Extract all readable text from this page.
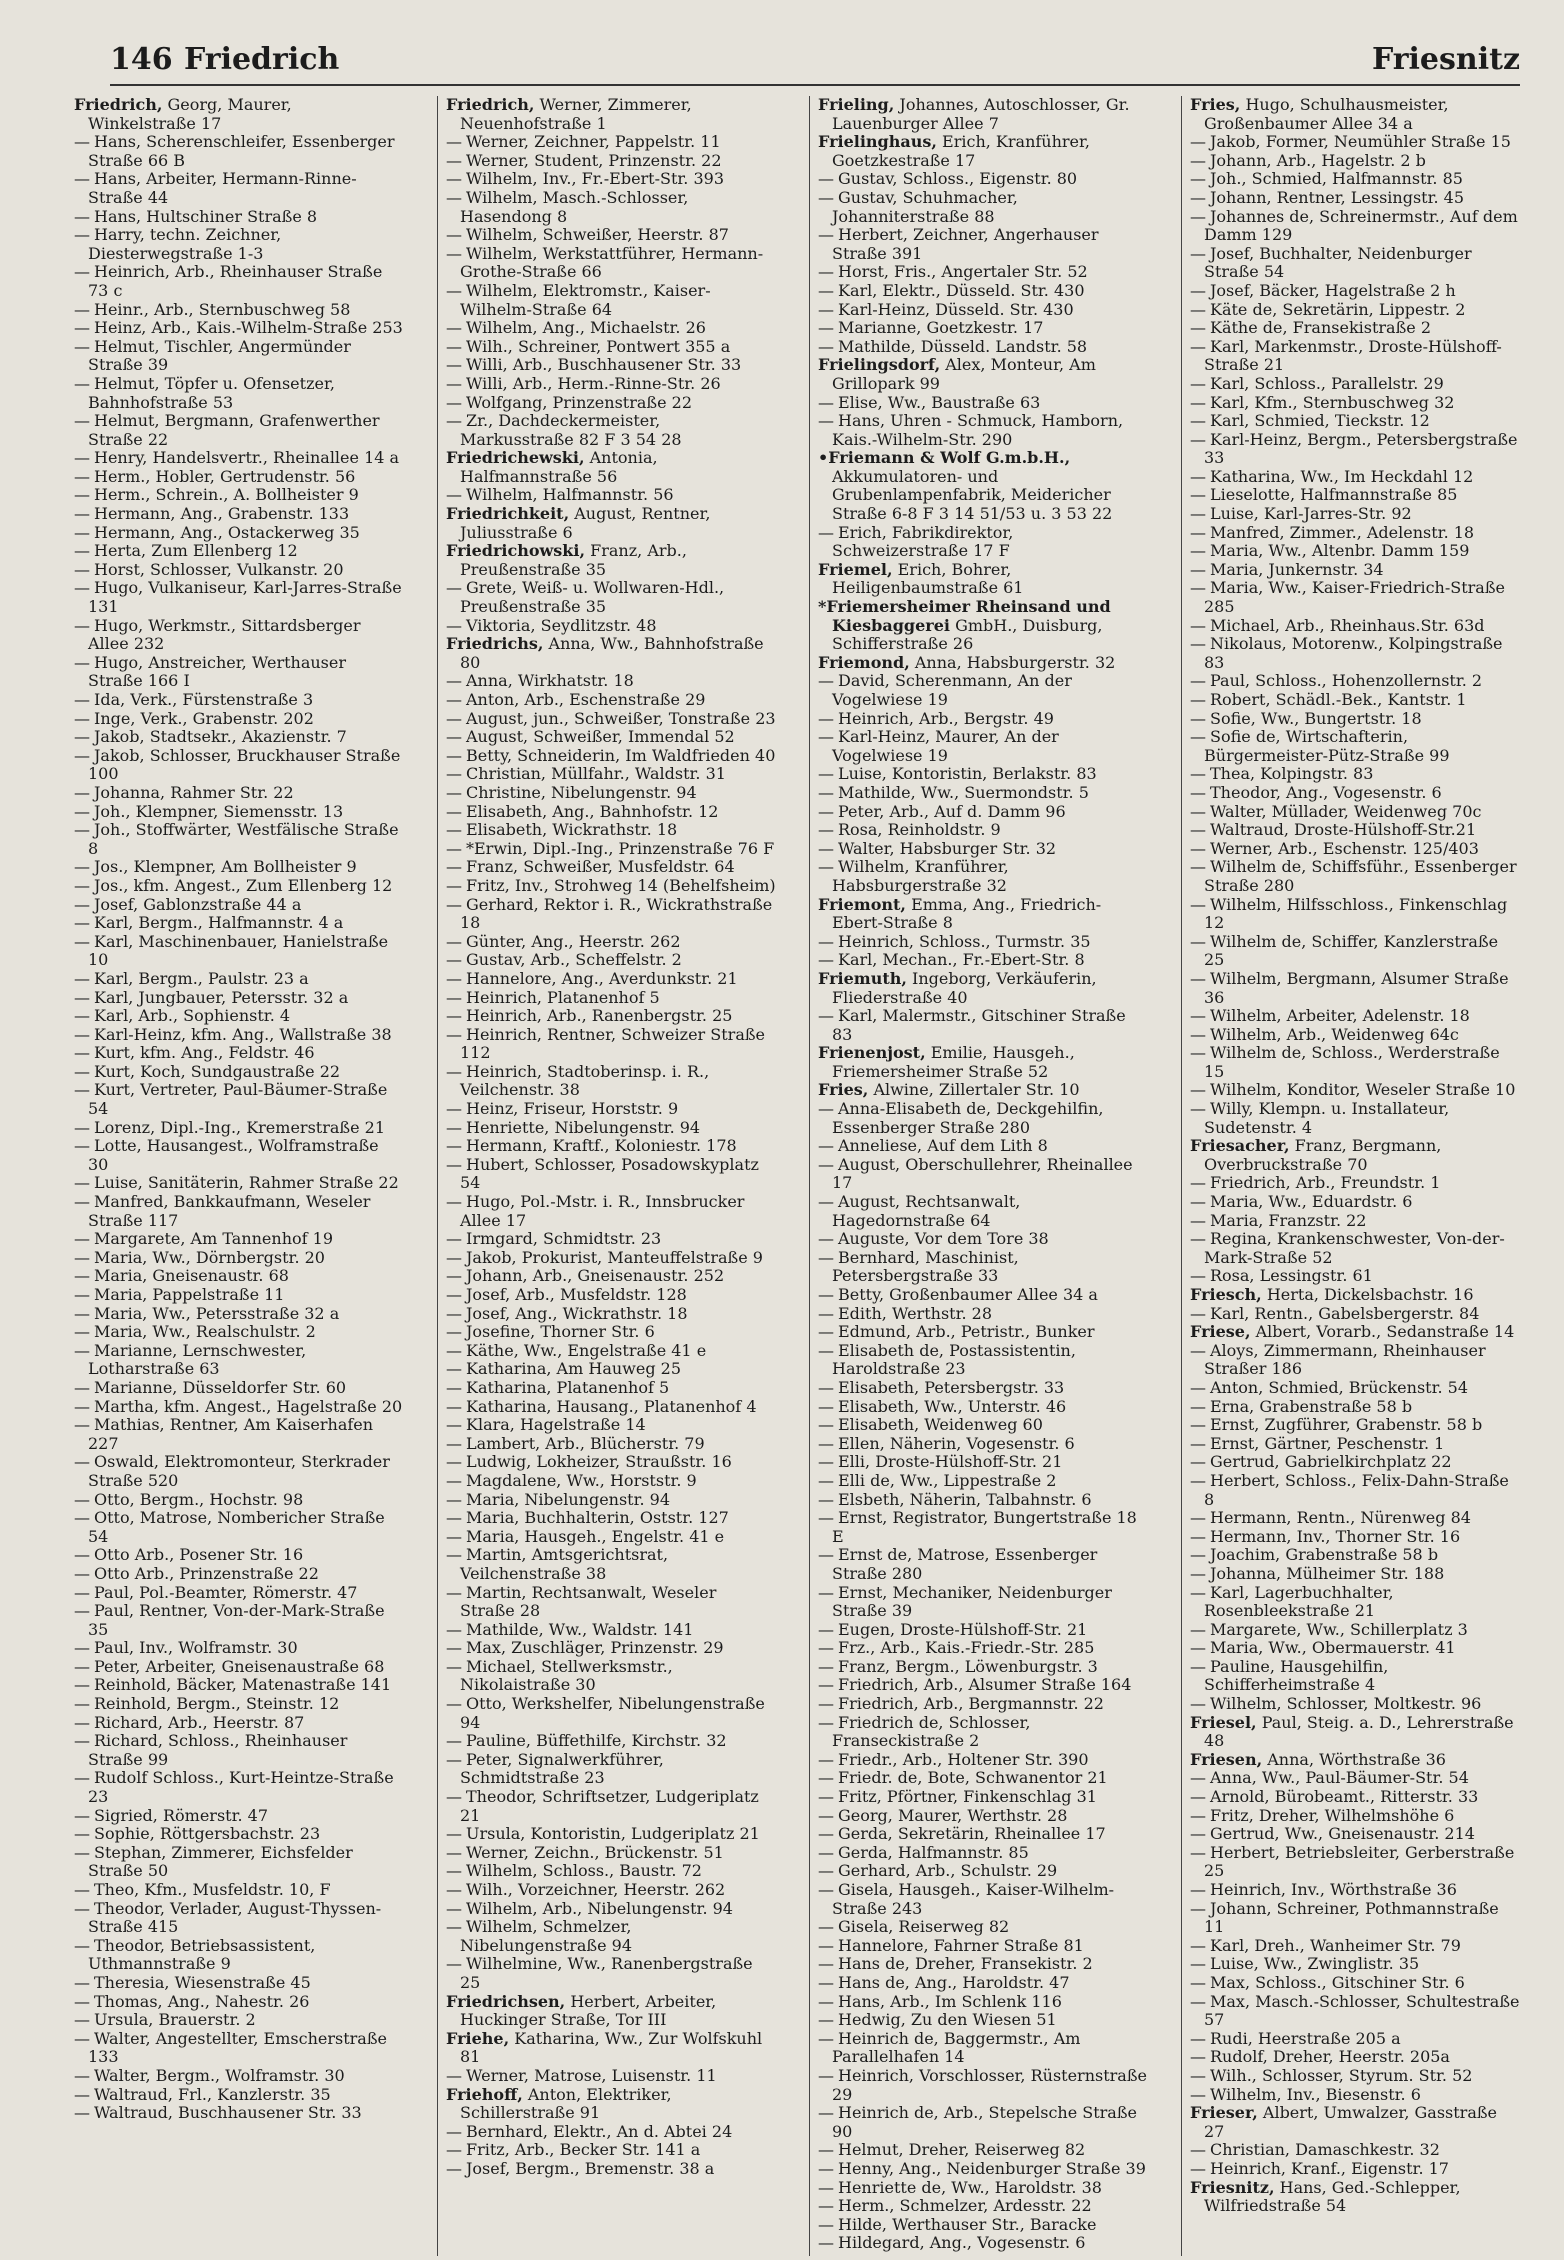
146 Friedrich	Friesnitz
Friedrich, Georg, Maurer, Winkelstraße 17
— Hans, Scherenschleifer, Essenberger Straße 66 B
— Hans, Arbeiter, Hermann-Rinne-Straße 44
— Hans, Hultschiner Straße 8
— Harry, techn. Zeichner, Diesterwegstraße 1-3
— Heinrich, Arb., Rheinhauser Straße 73 c
— Heinr., Arb., Sternbuschweg 58
— Heinz, Arb., Kais.-Wilhelm-Straße 253
— Helmut, Tischler, Angermünder Straße 39
— Helmut, Töpfer u. Ofensetzer, Bahnhofstraße 53
— Helmut, Bergmann, Grafenwerther Straße 22
— Henry, Handelsvertr., Rheinallee 14 a
— Herm., Hobler, Gertrudenstr. 56
— Herm., Schrein., A. Bollheister 9
— Hermann, Ang., Grabenstr. 133
— Hermann, Ang., Ostackerweg 35
— Herta, Zum Ellenberg 12
— Horst, Schlosser, Vulkanstr. 20
— Hugo, Vulkaniseur, Karl-Jarres-Straße 131
— Hugo, Werkmstr., Sittardsberger Allee 232
— Hugo, Anstreicher, Werthauser Straße 166 I
— Ida, Verk., Fürstenstraße 3
— Inge, Verk., Grabenstr. 202
— Jakob, Stadtsekr., Akazienstr. 7
— Jakob, Schlosser, Bruckhauser Straße 100
— Johanna, Rahmer Str. 22
— Joh., Klempner, Siemensstr. 13
— Joh., Stoffwärter, Westfälische Straße 8
— Jos., Klempner, Am Bollheister 9
— Jos., kfm. Angest., Zum Ellenberg 12
— Josef, Gablonzstraße 44 a
— Karl, Bergm., Halfmannstr. 4 a
— Karl, Maschinenbauer, Hanielstraße 10
— Karl, Bergm., Paulstr. 23 a
— Karl, Jungbauer, Petersstr. 32 a
— Karl, Arb., Sophienstr. 4
— Karl-Heinz, kfm. Ang., Wallstraße 38
— Kurt, kfm. Ang., Feldstr. 46
— Kurt, Koch, Sundgaustraße 22
— Kurt, Vertreter, Paul-Bäumer-Straße 54
— Lorenz, Dipl.-Ing., Kremerstraße 21
— Lotte, Hausangest., Wolframstraße 30
— Luise, Sanitäterin, Rahmer Straße 22
— Manfred, Bankkaufmann, Weseler Straße 117
— Margarete, Am Tannenhof 19
— Maria, Ww., Dörnbergstr. 20
— Maria, Gneisenaustr. 68
— Maria, Pappelstraße 11
— Maria, Ww., Petersstraße 32 a
— Maria, Ww., Realschulstr. 2
— Marianne, Lernschwester, Lotharstraße 63
— Marianne, Düsseldorfer Str. 60
— Martha, kfm. Angest., Hagelstraße 20
— Mathias, Rentner, Am Kaiserhafen 227
— Oswald, Elektromonteur, Sterkrader Straße 520
— Otto, Bergm., Hochstr. 98
— Otto, Matrose, Nombericher Straße 54
— Otto Arb., Posener Str. 16
— Otto Arb., Prinzenstraße 22
— Paul, Pol.-Beamter, Römerstr. 47
— Paul, Rentner, Von-der-Mark-Straße 35
— Paul, Inv., Wolframstr. 30
— Peter, Arbeiter, Gneisenaustraße 68
— Reinhold, Bäcker, Matenastraße 141
— Reinhold, Bergm., Steinstr. 12
— Richard, Arb., Heerstr. 87
— Richard, Schloss., Rheinhauser Straße 99
— Rudolf Schloss., Kurt-Heintze-Straße 23
— Sigried, Römerstr. 47
— Sophie, Röttgersbachstr. 23
— Stephan, Zimmerer, Eichsfelder Straße 50
— Theo, Kfm., Musfeldstr. 10, F
— Theodor, Verlader, August-Thyssen-Straße 415
— Theodor, Betriebsassistent, Uthmannstraße 9
— Theresia, Wiesenstraße 45
— Thomas, Ang., Nahestr. 26
— Ursula, Brauerstr. 2
— Walter, Angestellter, Emscherstraße 133
— Walter, Bergm., Wolframstr. 30
— Waltraud, Frl., Kanzlerstr. 35
— Waltraud, Buschhausener Str. 33
Friedrich, Werner, Zimmerer, Neuenhofstraße 1
— Werner, Zeichner, Pappelstr. 11
— Werner, Student, Prinzenstr. 22
— Wilhelm, Inv., Fr.-Ebert-Str. 393
— Wilhelm, Masch.-Schlosser, Hasendong 8
— Wilhelm, Schweißer, Heerstr. 87
— Wilhelm, Werkstattführer, Hermann-Grothe-Straße 66
— Wilhelm, Elektromstr., Kaiser-Wilhelm-Straße 64
— Wilhelm, Ang., Michaelstr. 26
— Wilh., Schreiner, Pontwert 355 a
— Willi, Arb., Buschhausener Str. 33
— Willi, Arb., Herm.-Rinne-Str. 26
— Wolfgang, Prinzenstraße 22
— Zr., Dachdeckermeister, Markusstraße 82 F 3 54 28
Friedrichewski, Antonia, Halfmannstraße 56
— Wilhelm, Halfmannstr. 56
Friedrichkeit, August, Rentner, Juliusstraße 6
Friedrichowski, Franz, Arb., Preußenstraße 35
— Grete, Weiß- u. Wollwaren-Hdl., Preußenstraße 35
— Viktoria, Seydlitzstr. 48
Friedrichs, Anna, Ww., Bahnhofstraße 80
— Anna, Wirkhatstr. 18
— Anton, Arb., Eschenstraße 29
— August, jun., Schweißer, Tonstraße 23
— August, Schweißer, Immendal 52
— Betty, Schneiderin, Im Waldfrieden 40
— Christian, Müllfahr., Waldstr. 31
— Christine, Nibelungenstr. 94
— Elisabeth, Ang., Bahnhofstr. 12
— Elisabeth, Wickrathstr. 18
— *Erwin, Dipl.-Ing., Prinzenstraße 76 F
— Franz, Schweißer, Musfeldstr. 64
— Fritz, Inv., Strohweg 14 (Behelfsheim)
— Gerhard, Rektor i. R., Wickrathstraße 18
— Günter, Ang., Heerstr. 262
— Gustav, Arb., Scheffelstr. 2
— Hannelore, Ang., Averdunkstr. 21
— Heinrich, Platanenhof 5
— Heinrich, Arb., Ranenbergstr. 25
— Heinrich, Rentner, Schweizer Straße 112
— Heinrich, Stadtoberinsp. i. R., Veilchenstr. 38
— Heinz, Friseur, Horststr. 9
— Henriette, Nibelungenstr. 94
— Hermann, Kraftf., Koloniestr. 178
— Hubert, Schlosser, Posadowskyplatz 54
— Hugo, Pol.-Mstr. i. R., Innsbrucker Allee 17
— Irmgard, Schmidtstr. 23
— Jakob, Prokurist, Manteuffelstraße 9
— Johann, Arb., Gneisenaustr. 252
— Josef, Arb., Musfeldstr. 128
— Josef, Ang., Wickrathstr. 18
— Josefine, Thorner Str. 6
— Käthe, Ww., Engelstraße 41 e
— Katharina, Am Hauweg 25
— Katharina, Platanenhof 5
— Katharina, Hausang., Platanenhof 4
— Klara, Hagelstraße 14
— Lambert, Arb., Blücherstr. 79
— Ludwig, Lokheizer, Straußstr. 16
— Magdalene, Ww., Horststr. 9
— Maria, Nibelungenstr. 94
— Maria, Buchhalterin, Oststr. 127
— Maria, Hausgeh., Engelstr. 41 e
— Martin, Amtsgerichtsrat, Veilchenstraße 38
— Martin, Rechtsanwalt, Weseler Straße 28
— Mathilde, Ww., Waldstr. 141
— Max, Zuschläger, Prinzenstr. 29
— Michael, Stellwerksmstr., Nikolaistraße 30
— Otto, Werkshelfer, Nibelungenstraße 94
— Pauline, Büffethilfe, Kirchstr. 32
— Peter, Signalwerkführer, Schmidtstraße 23
— Theodor, Schriftsetzer, Ludgeriplatz 21
— Ursula, Kontoristin, Ludgeriplatz 21
— Werner, Zeichn., Brückenstr. 51
— Wilhelm, Schloss., Baustr. 72
— Wilh., Vorzeichner, Heerstr. 262
— Wilhelm, Arb., Nibelungenstr. 94
— Wilhelm, Schmelzer, Nibelungenstraße 94
— Wilhelmine, Ww., Ranenbergstraße 25
Friedrichsen, Herbert, Arbeiter, Huckinger Straße, Tor III
Friehe, Katharina, Ww., Zur Wolfskuhl 81
— Werner, Matrose, Luisenstr. 11
Friehoff, Anton, Elektriker, Schillerstraße 91
— Bernhard, Elektr., An d. Abtei 24
— Fritz, Arb., Becker Str. 141 a
— Josef, Bergm., Bremenstr. 38 a
Frieling, Johannes, Autoschlosser, Gr. Lauenburger Allee 7
Frielinghaus, Erich, Kranführer, Goetzkestraße 17
— Gustav, Schloss., Eigenstr. 80
— Gustav, Schuhmacher, Johanniterstraße 88
— Herbert, Zeichner, Angerhauser Straße 391
— Horst, Fris., Angertaler Str. 52
— Karl, Elektr., Düsseld. Str. 430
— Karl-Heinz, Düsseld. Str. 430
— Marianne, Goetzkestr. 17
— Mathilde, Düsseld. Landstr. 58
Frielingsdorf, Alex, Monteur, Am Grillopark 99
— Elise, Ww., Baustraße 63
— Hans, Uhren - Schmuck, Hamborn, Kais.-Wilhelm-Str. 290
•Friemann & Wolf G.m.b.H., Akkumulatoren- und Grubenlampenfabrik, Meidericher Straße 6-8 F 3 14 51/53 u. 3 53 22
— Erich, Fabrikdirektor, Schweizerstraße 17 F
Friemel, Erich, Bohrer, Heiligenbaumstraße 61
*Friemersheimer Rheinsand und Kiesbaggerei GmbH., Duisburg, Schifferstraße 26
Friemond, Anna, Habsburgerstr. 32
— David, Scherenmann, An der Vogelwiese 19
— Heinrich, Arb., Bergstr. 49
— Karl-Heinz, Maurer, An der Vogelwiese 19
— Luise, Kontoristin, Berlakstr. 83
— Mathilde, Ww., Suermondstr. 5
— Peter, Arb., Auf d. Damm 96
— Rosa, Reinholdstr. 9
— Walter, Habsburger Str. 32
— Wilhelm, Kranführer, Habsburgerstraße 32
Friemont, Emma, Ang., Friedrich-Ebert-Straße 8
— Heinrich, Schloss., Turmstr. 35
— Karl, Mechan., Fr.-Ebert-Str. 8
Friemuth, Ingeborg, Verkäuferin, Fliederstraße 40
— Karl, Malermstr., Gitschiner Straße 83
Frienenjost, Emilie, Hausgeh., Friemersheimer Straße 52
Fries, Alwine, Zillertaler Str. 10
— Anna-Elisabeth de, Deckgehilfin, Essenberger Straße 280
— Anneliese, Auf dem Lith 8
— August, Oberschullehrer, Rheinallee 17
— August, Rechtsanwalt, Hagedornstraße 64
— Auguste, Vor dem Tore 38
— Bernhard, Maschinist, Petersbergstraße 33
— Betty, Großenbaumer Allee 34 a
— Edith, Werthstr. 28
— Edmund, Arb., Petristr., Bunker
— Elisabeth de, Postassistentin, Haroldstraße 23
— Elisabeth, Petersbergstr. 33
— Elisabeth, Ww., Unterstr. 46
— Elisabeth, Weidenweg 60
— Ellen, Näherin, Vogesenstr. 6
— Elli, Droste-Hülshoff-Str. 21
— Elli de, Ww., Lippestraße 2
— Elsbeth, Näherin, Talbahnstr. 6
— Ernst, Registrator, Bungertstraße 18 E
— Ernst de, Matrose, Essenberger Straße 280
— Ernst, Mechaniker, Neidenburger Straße 39
— Eugen, Droste-Hülshoff-Str. 21
— Frz., Arb., Kais.-Friedr.-Str. 285
— Franz, Bergm., Löwenburgstr. 3
— Friedrich, Arb., Alsumer Straße 164
— Friedrich, Arb., Bergmannstr. 22
— Friedrich de, Schlosser, Franseckistraße 2
— Friedr., Arb., Holtener Str. 390
— Friedr. de, Bote, Schwanentor 21
— Fritz, Pförtner, Finkenschlag 31
— Georg, Maurer, Werthstr. 28
— Gerda, Sekretärin, Rheinallee 17
— Gerda, Halfmannstr. 85
— Gerhard, Arb., Schulstr. 29
— Gisela, Hausgeh., Kaiser-Wilhelm-Straße 243
— Gisela, Reiserweg 82
— Hannelore, Fahrner Straße 81
— Hans de, Dreher, Fransekistr. 2
— Hans de, Ang., Haroldstr. 47
— Hans, Arb., Im Schlenk 116
— Hedwig, Zu den Wiesen 51
— Heinrich de, Baggermstr., Am Parallelhafen 14
— Heinrich, Vorschlosser, Rüsternstraße 29
— Heinrich de, Arb., Stepelsche Straße 90
— Helmut, Dreher, Reiserweg 82
— Henny, Ang., Neidenburger Straße 39
— Henriette de, Ww., Haroldstr. 38
— Herm., Schmelzer, Ardesstr. 22
— Hilde, Werthauser Str., Baracke
— Hildegard, Ang., Vogesenstr. 6
Fries, Hugo, Schulhausmeister, Großenbaumer Allee 34 a
— Jakob, Former, Neumühler Straße 15
— Johann, Arb., Hagelstr. 2 b
— Joh., Schmied, Halfmannstr. 85
— Johann, Rentner, Lessingstr. 45
— Johannes de, Schreinermstr., Auf dem Damm 129
— Josef, Buchhalter, Neidenburger Straße 54
— Josef, Bäcker, Hagelstraße 2 h
— Käte de, Sekretärin, Lippestr. 2
— Käthe de, Fransekistraße 2
— Karl, Markenmstr., Droste-Hülshoff-Straße 21
— Karl, Schloss., Parallelstr. 29
— Karl, Kfm., Sternbuschweg 32
— Karl, Schmied, Tieckstr. 12
— Karl-Heinz, Bergm., Petersbergstraße 33
— Katharina, Ww., Im Heckdahl 12
— Lieselotte, Halfmannstraße 85
— Luise, Karl-Jarres-Str. 92
— Manfred, Zimmer., Adelenstr. 18
— Maria, Ww., Altenbr. Damm 159
— Maria, Junkernstr. 34
— Maria, Ww., Kaiser-Friedrich-Straße 285
— Michael, Arb., Rheinhaus.Str. 63d
— Nikolaus, Motorenw., Kolpingstraße 83
— Paul, Schloss., Hohenzollernstr. 2
— Robert, Schädl.-Bek., Kantstr. 1
— Sofie, Ww., Bungertstr. 18
— Sofie de, Wirtschafterin, Bürgermeister-Pütz-Straße 99
— Thea, Kolpingstr. 83
— Theodor, Ang., Vogesenstr. 6
— Walter, Müllader, Weidenweg 70c
— Waltraud, Droste-Hülshoff-Str.21
— Werner, Arb., Eschenstr. 125/403
— Wilhelm de, Schiffsführ., Essenberger Straße 280
— Wilhelm, Hilfsschloss., Finkenschlag 12
— Wilhelm de, Schiffer, Kanzlerstraße 25
— Wilhelm, Bergmann, Alsumer Straße 36
— Wilhelm, Arbeiter, Adelenstr. 18
— Wilhelm, Arb., Weidenweg 64c
— Wilhelm de, Schloss., Werderstraße 15
— Wilhelm, Konditor, Weseler Straße 10
— Willy, Klempn. u. Installateur, Sudetenstr. 4
Friesacher, Franz, Bergmann, Overbruckstraße 70
— Friedrich, Arb., Freundstr. 1
— Maria, Ww., Eduardstr. 6
— Maria, Franzstr. 22
— Regina, Krankenschwester, Von-der-Mark-Straße 52
— Rosa, Lessingstr. 61
Friesch, Herta, Dickelsbachstr. 16
— Karl, Rentn., Gabelsbergerstr. 84
Friese, Albert, Vorarb., Sedanstraße 14
— Aloys, Zimmermann, Rheinhauser Straßer 186
— Anton, Schmied, Brückenstr. 54
— Erna, Grabenstraße 58 b
— Ernst, Zugführer, Grabenstr. 58 b
— Ernst, Gärtner, Peschenstr. 1
— Gertrud, Gabrielkirchplatz 22
— Herbert, Schloss., Felix-Dahn-Straße 8
— Hermann, Rentn., Nürenweg 84
— Hermann, Inv., Thorner Str. 16
— Joachim, Grabenstraße 58 b
— Johanna, Mülheimer Str. 188
— Karl, Lagerbuchhalter, Rosenbleekstraße 21
— Margarete, Ww., Schillerplatz 3
— Maria, Ww., Obermauerstr. 41
— Pauline, Hausgehilfin, Schifferheimstraße 4
— Wilhelm, Schlosser, Moltkestr. 96
Friesel, Paul, Steig. a. D., Lehrerstraße 48
Friesen, Anna, Wörthstraße 36
— Anna, Ww., Paul-Bäumer-Str. 54
— Arnold, Bürobeamt., Ritterstr. 33
— Fritz, Dreher, Wilhelmshöhe 6
— Gertrud, Ww., Gneisenaustr. 214
— Herbert, Betriebsleiter, Gerberstraße 25
— Heinrich, Inv., Wörthstraße 36
— Johann, Schreiner, Pothmannstraße 11
— Karl, Dreh., Wanheimer Str. 79
— Luise, Ww., Zwinglistr. 35
— Max, Schloss., Gitschiner Str. 6
— Max, Masch.-Schlosser, Schultestraße 57
— Rudi, Heerstraße 205 a
— Rudolf, Dreher, Heerstr. 205a
— Wilh., Schlosser, Styrum. Str. 52
— Wilhelm, Inv., Biesenstr. 6
Frieser, Albert, Umwalzer, Gasstraße 27
— Christian, Damaschkestr. 32
— Heinrich, Kranf., Eigenstr. 17
Friesnitz, Hans, Ged.-Schlepper, Wilfriedstraße 54
